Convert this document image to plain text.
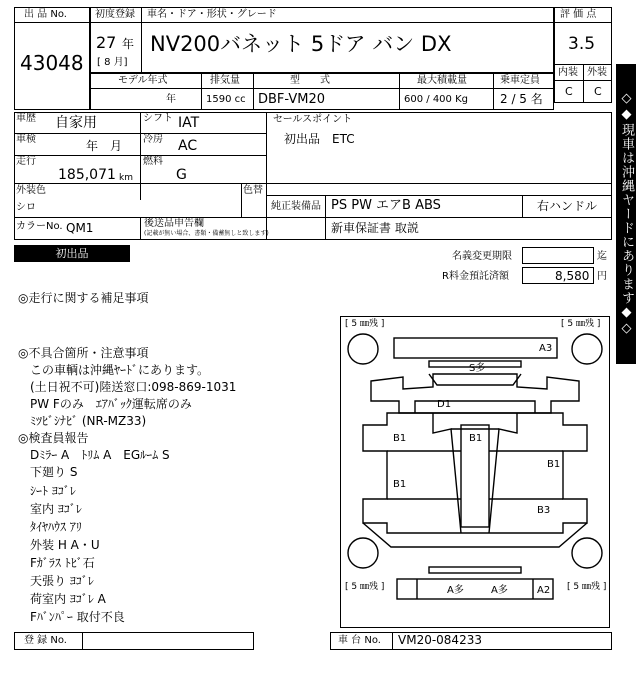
出 品 No.
43048
初度登録 車名・ドア・形状・グレード
27 年
[ 8 月]
NV200バネット 5ドア バン DX
評 価 点
3.5
内装 外装
C C
モデル年式	排気量	型　　式	最大積載量	乗車定員
年	1590 cc DBF-VM20	600 / 400 Kg	2 / 5 名
車歴 自家用	シフト IAT
車検	年　月 冷房 AC
走行
185,071 km
燃料
G
セールスポイント
初出品　ETC
外装色
シロ
色替
純正装備品 PS PW エアB ABS	右ハンドル
カラーNo. QM1	後送品申告欄
(記載が無い場合、書類・備蓄無しと致します)	新車保証書 取説
初出品	◇◆現車は沖縄ヤードにあります◆◇
名義変更期限	迄
R料金預託済額	8,580 円
◎走行に関する補足事項
◎不具合箇所・注意事項
この車輌は沖縄ﾔｰﾄﾞにあります。
(土日祝不可)陸送窓口:098-869-1031
PW Fのみ　ｴｱﾊﾞｯｸ運転席のみ
ﾐﾂﾋﾞｼﾅﾋﾞ (NR-MZ33)
◎検査員報告
Dﾐﾗｰ A　ﾄﾘﾑ A　EGﾙｰﾑ S
下廻り S
ｼｰﾄ ﾖｺﾞﾚ
室内 ﾖｺﾞﾚ
ﾀｲﾔﾊｳｽ ｱﾘ
外装 H A・U
Fｶﾞﾗｽ ﾄﾋﾞ石
天張り ﾖｺﾞﾚ
荷室内 ﾖｺﾞﾚ A
Fﾊﾞﾝﾊﾟｰ 取付不良
[ 5 ㎜残 ]	[ 5 ㎜残 ]
[ 5 ㎜残 ]	[ 5 ㎜残 ]
A3
S多
D1
B1	B1
B1
B1
B3
A多	A多	A2
登 録 No.	車 台 No. VM20-084233
